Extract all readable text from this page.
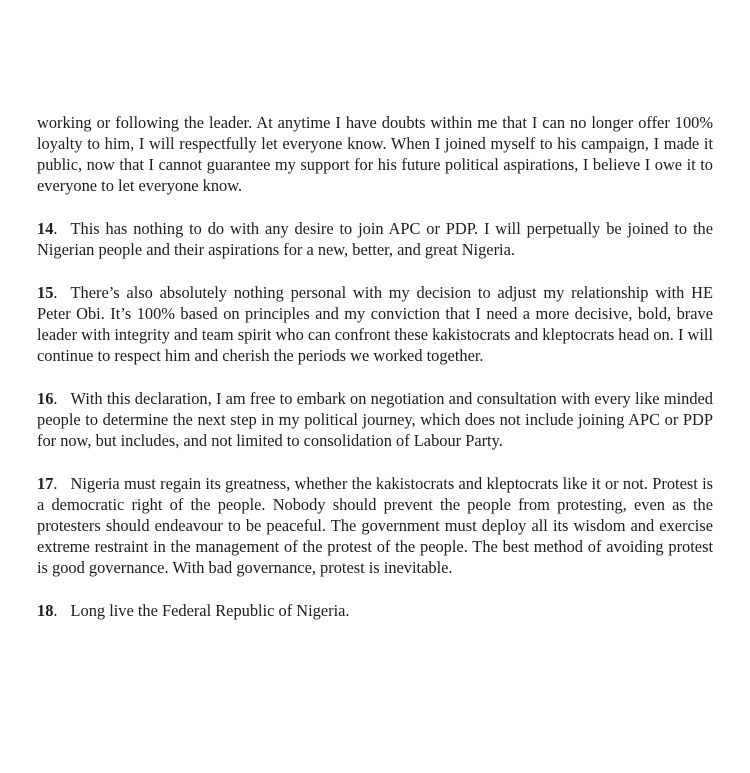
working or following the leader. At anytime I have doubts within me that I can no longer offer 100% loyalty to him, I will respectfully let everyone know. When I joined myself to his campaign, I made it public, now that I cannot guarantee my support for his future political aspirations, I believe I owe it to everyone to let everyone know.

14. This has nothing to do with any desire to join APC or PDP. I will perpetually be joined to the Nigerian people and their aspirations for a new, better, and great Nigeria.

15. There’s also absolutely nothing personal with my decision to adjust my relationship with HE Peter Obi. It’s 100% based on principles and my conviction that I need a more decisive, bold, brave leader with integrity and team spirit who can confront these kakistocrats and kleptocrats head on. I will continue to respect him and cherish the periods we worked together.

16. With this declaration, I am free to embark on negotiation and consultation with every like minded people to determine the next step in my political journey, which does not include joining APC or PDP for now, but includes, and not limited to consolidation of Labour Party.

17. Nigeria must regain its greatness, whether the kakistocrats and kleptocrats like it or not. Protest is a democratic right of the people. Nobody should prevent the people from protesting, even as the protesters should endeavour to be peaceful. The government must deploy all its wisdom and exercise extreme restraint in the management of the protest of the people. The best method of avoiding protest is good governance. With bad governance, protest is inevitable.

18. Long live the Federal Republic of Nigeria.
